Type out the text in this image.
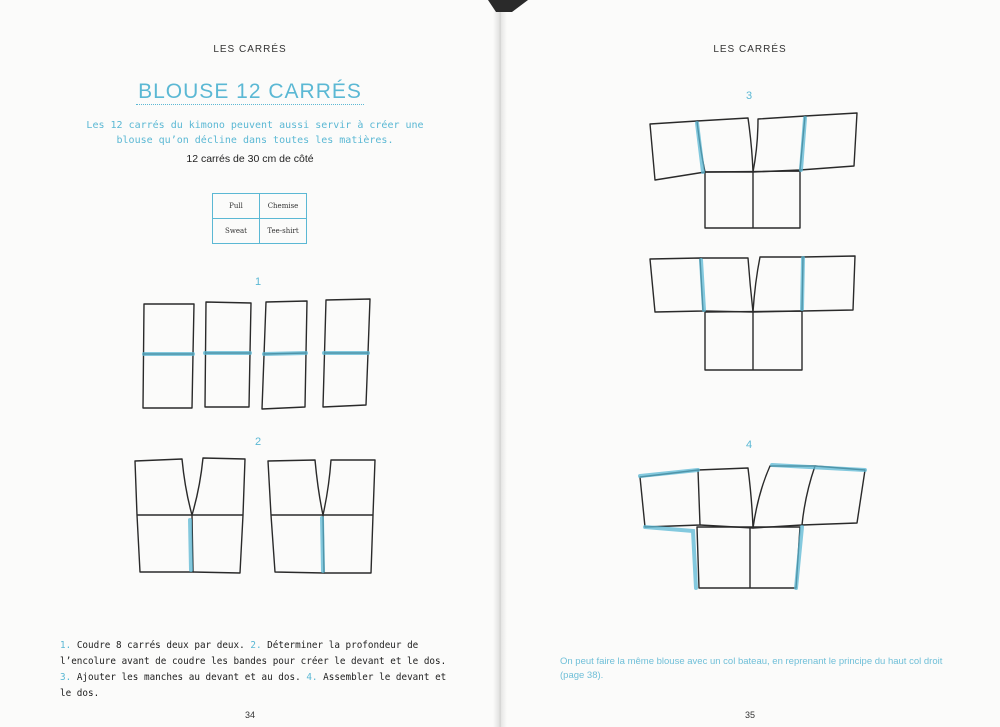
LES CARRÉS
BLOUSE 12 CARRÉS
Les 12 carrés du kimono peuvent aussi servir à créer une blouse qu’on décline dans toutes les matières.
12 carrés de 30 cm de côté
Pull	Chemise
Sweat	Tee-shirt
1
2
1. Coudre 8 carrés deux par deux. 2. Déterminer la profondeur de l’encolure avant de coudre les bandes pour créer le devant et le dos. 3. Ajouter les manches au devant et au dos. 4. Assembler le devant et le dos.
34
LES CARRÉS
3
4
On peut faire la même blouse avec un col bateau, en reprenant le principe du haut col droit (page 38).
35
